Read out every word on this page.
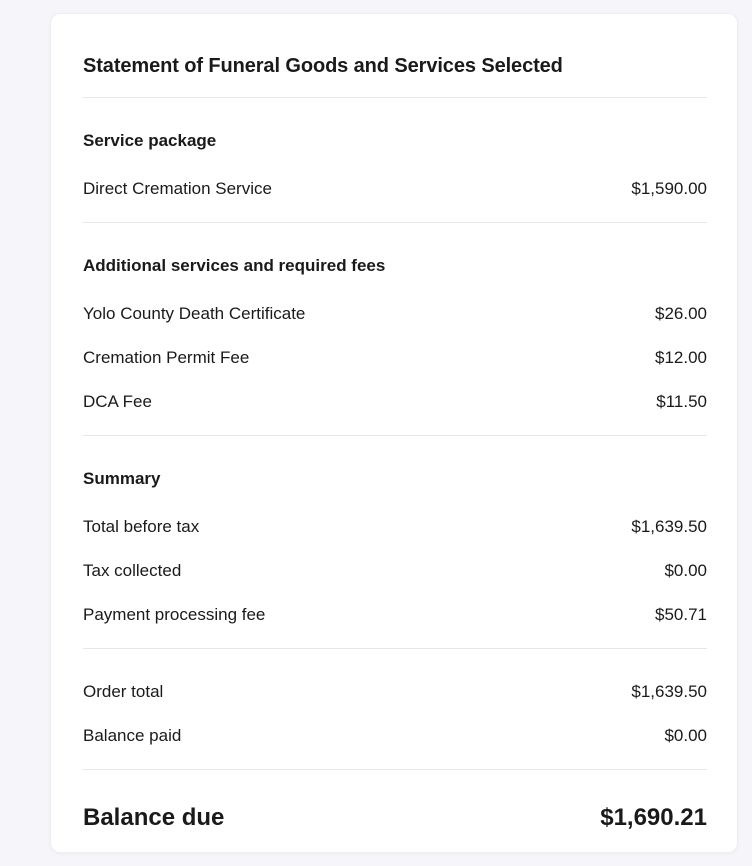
Statement of Funeral Goods and Services Selected
Service package
Direct Cremation Service	$1,590.00
Additional services and required fees
Yolo County Death Certificate	$26.00
Cremation Permit Fee	$12.00
DCA Fee	$11.50
Summary
Total before tax	$1,639.50
Tax collected	$0.00
Payment processing fee	$50.71
Order total	$1,639.50
Balance paid	$0.00
Balance due	$1,690.21
